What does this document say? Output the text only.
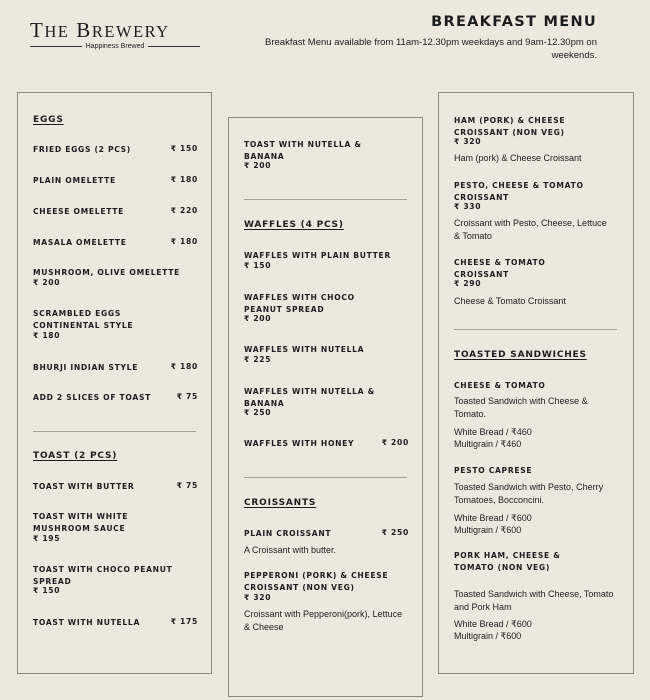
THE BREWERY
Happiness Brewed
BREAKFAST MENU
Breakfast Menu available from 11am-12.30pm weekdays and 9am-12.30pm on weekends.
EGGS
FRIED EGGS (2 PCS)	₹ 150
PLAIN OMELETTE	₹ 180
CHEESE OMELETTE	₹ 220
MASALA OMELETTE	₹ 180
MUSHROOM, OLIVE OMELETTE
₹ 200
SCRAMBLED EGGS CONTINENTAL STYLE
₹ 180
BHURJI INDIAN STYLE	₹ 180
ADD 2 SLICES OF TOAST	₹ 75
TOAST (2 PCS)
TOAST WITH BUTTER	₹ 75
TOAST WITH WHITE MUSHROOM SAUCE
₹ 195
TOAST WITH CHOCO PEANUT SPREAD
₹ 150
TOAST WITH NUTELLA	₹ 175
TOAST WITH NUTELLA & BANANA
₹ 200
WAFFLES (4 PCS)
WAFFLES WITH PLAIN BUTTER
₹ 150
WAFFLES WITH CHOCO PEANUT SPREAD
₹ 200
WAFFLES WITH NUTELLA
₹ 225
WAFFLES WITH NUTELLA & BANANA
₹ 250
WAFFLES WITH HONEY	₹ 200
CROISSANTS
PLAIN CROISSANT	₹ 250
A Croissant with butter.
PEPPERONI (PORK) & CHEESE CROISSANT (NON VEG)
₹ 320
Croissant with Pepperoni(pork), Lettuce & Cheese
HAM (PORK) & CHEESE CROISSANT (NON VEG)
₹ 320
Ham (pork) & Cheese Croissant
PESTO, CHEESE & TOMATO CROISSANT
₹ 330
Croissant with Pesto, Cheese, Lettuce & Tomato
CHEESE & TOMATO CROISSANT
₹ 290
Cheese & Tomato Croissant
TOASTED SANDWICHES
CHEESE & TOMATO
Toasted Sandwich with Cheese & Tomato.
White Bread / ₹460
Multigrain / ₹460
PESTO CAPRESE
Toasted Sandwich with Pesto, Cherry Tomatoes, Bocconcini.
White Bread / ₹600
Multigrain / ₹600
PORK HAM, CHEESE & TOMATO (NON VEG)
Toasted Sandwich with Cheese, Tomato and Pork Ham
White Bread / ₹600
Multigrain / ₹600
